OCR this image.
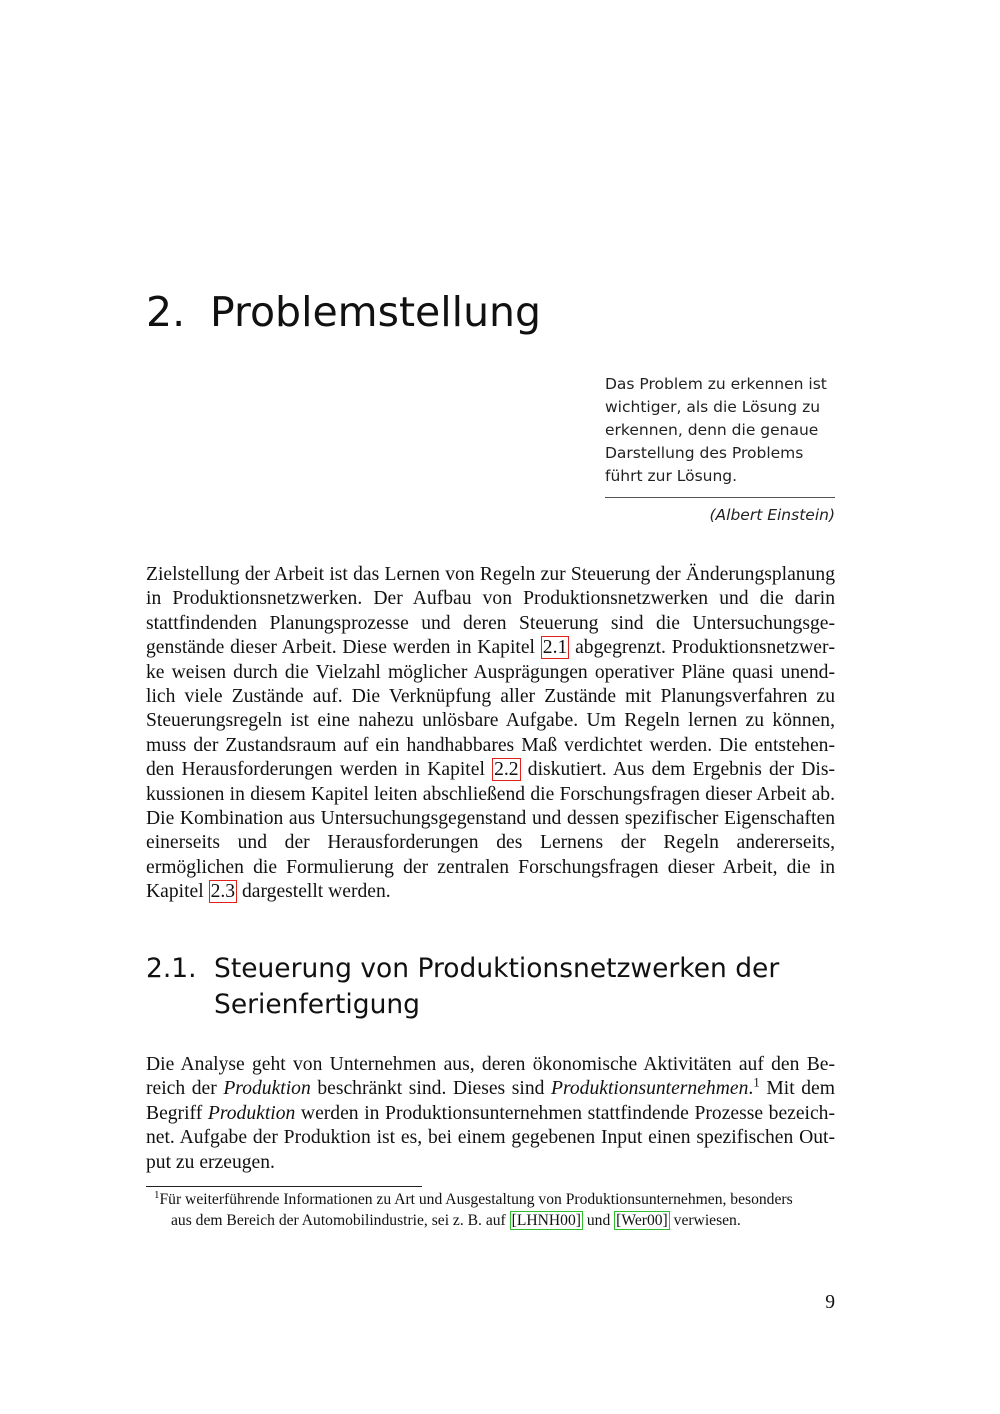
2. Problemstellung
Das Problem zu erkennen ist
wichtiger, als die Lösung zu
erkennen, denn die genaue
Darstellung des Problems
führt zur Lösung.
(Albert Einstein)

Zielstellung der Arbeit ist das Lernen von Regeln zur Steuerung der Änderungsplanung in Produktionsnetzwerken. Der Aufbau von Produktionsnetzwerken und die darin stattfindenden Planungsprozesse und deren Steuerung sind die Untersuchungsgegenstände dieser Arbeit. Diese werden in Kapitel 2.1 abgegrenzt. Produktionsnetzwerke weisen durch die Vielzahl möglicher Ausprägungen operativer Pläne quasi unendlich viele Zustände auf. Die Verknüpfung aller Zustände mit Planungsverfahren zu Steuerungsregeln ist eine nahezu unlösbare Aufgabe. Um Regeln lernen zu können, muss der Zustandsraum auf ein handhabbares Maß verdichtet werden. Die entstehenden Herausforderungen werden in Kapitel 2.2 diskutiert. Aus dem Ergebnis der Diskussionen in diesem Kapitel leiten abschließend die Forschungsfragen dieser Arbeit ab. Die Kombination aus Untersuchungsgegenstand und dessen spezifischer Eigenschaften einerseits und der Herausforderungen des Lernens der Regeln andererseits, ermöglichen die Formulierung der zentralen Forschungsfragen dieser Arbeit, die in Kapitel 2.3 dargestellt werden.

2.1. Steuerung von Produktionsnetzwerken der Serienfertigung

Die Analyse geht von Unternehmen aus, deren ökonomische Aktivitäten auf den Bereich der Produktion beschränkt sind. Dieses sind Produktionsunternehmen.$^1$ Mit dem Begriff Produktion werden in Produktionsunternehmen stattfindende Prozesse bezeichnet. Aufgabe der Produktion ist es, bei einem gegebenen Input einen spezifischen Output zu erzeugen.

$^1$Für weiterführende Informationen zu Art und Ausgestaltung von Produktionsunternehmen, besonders
aus dem Bereich der Automobilindustrie, sei z. B. auf [LHNH00] und [Wer00] verwiesen.
9
